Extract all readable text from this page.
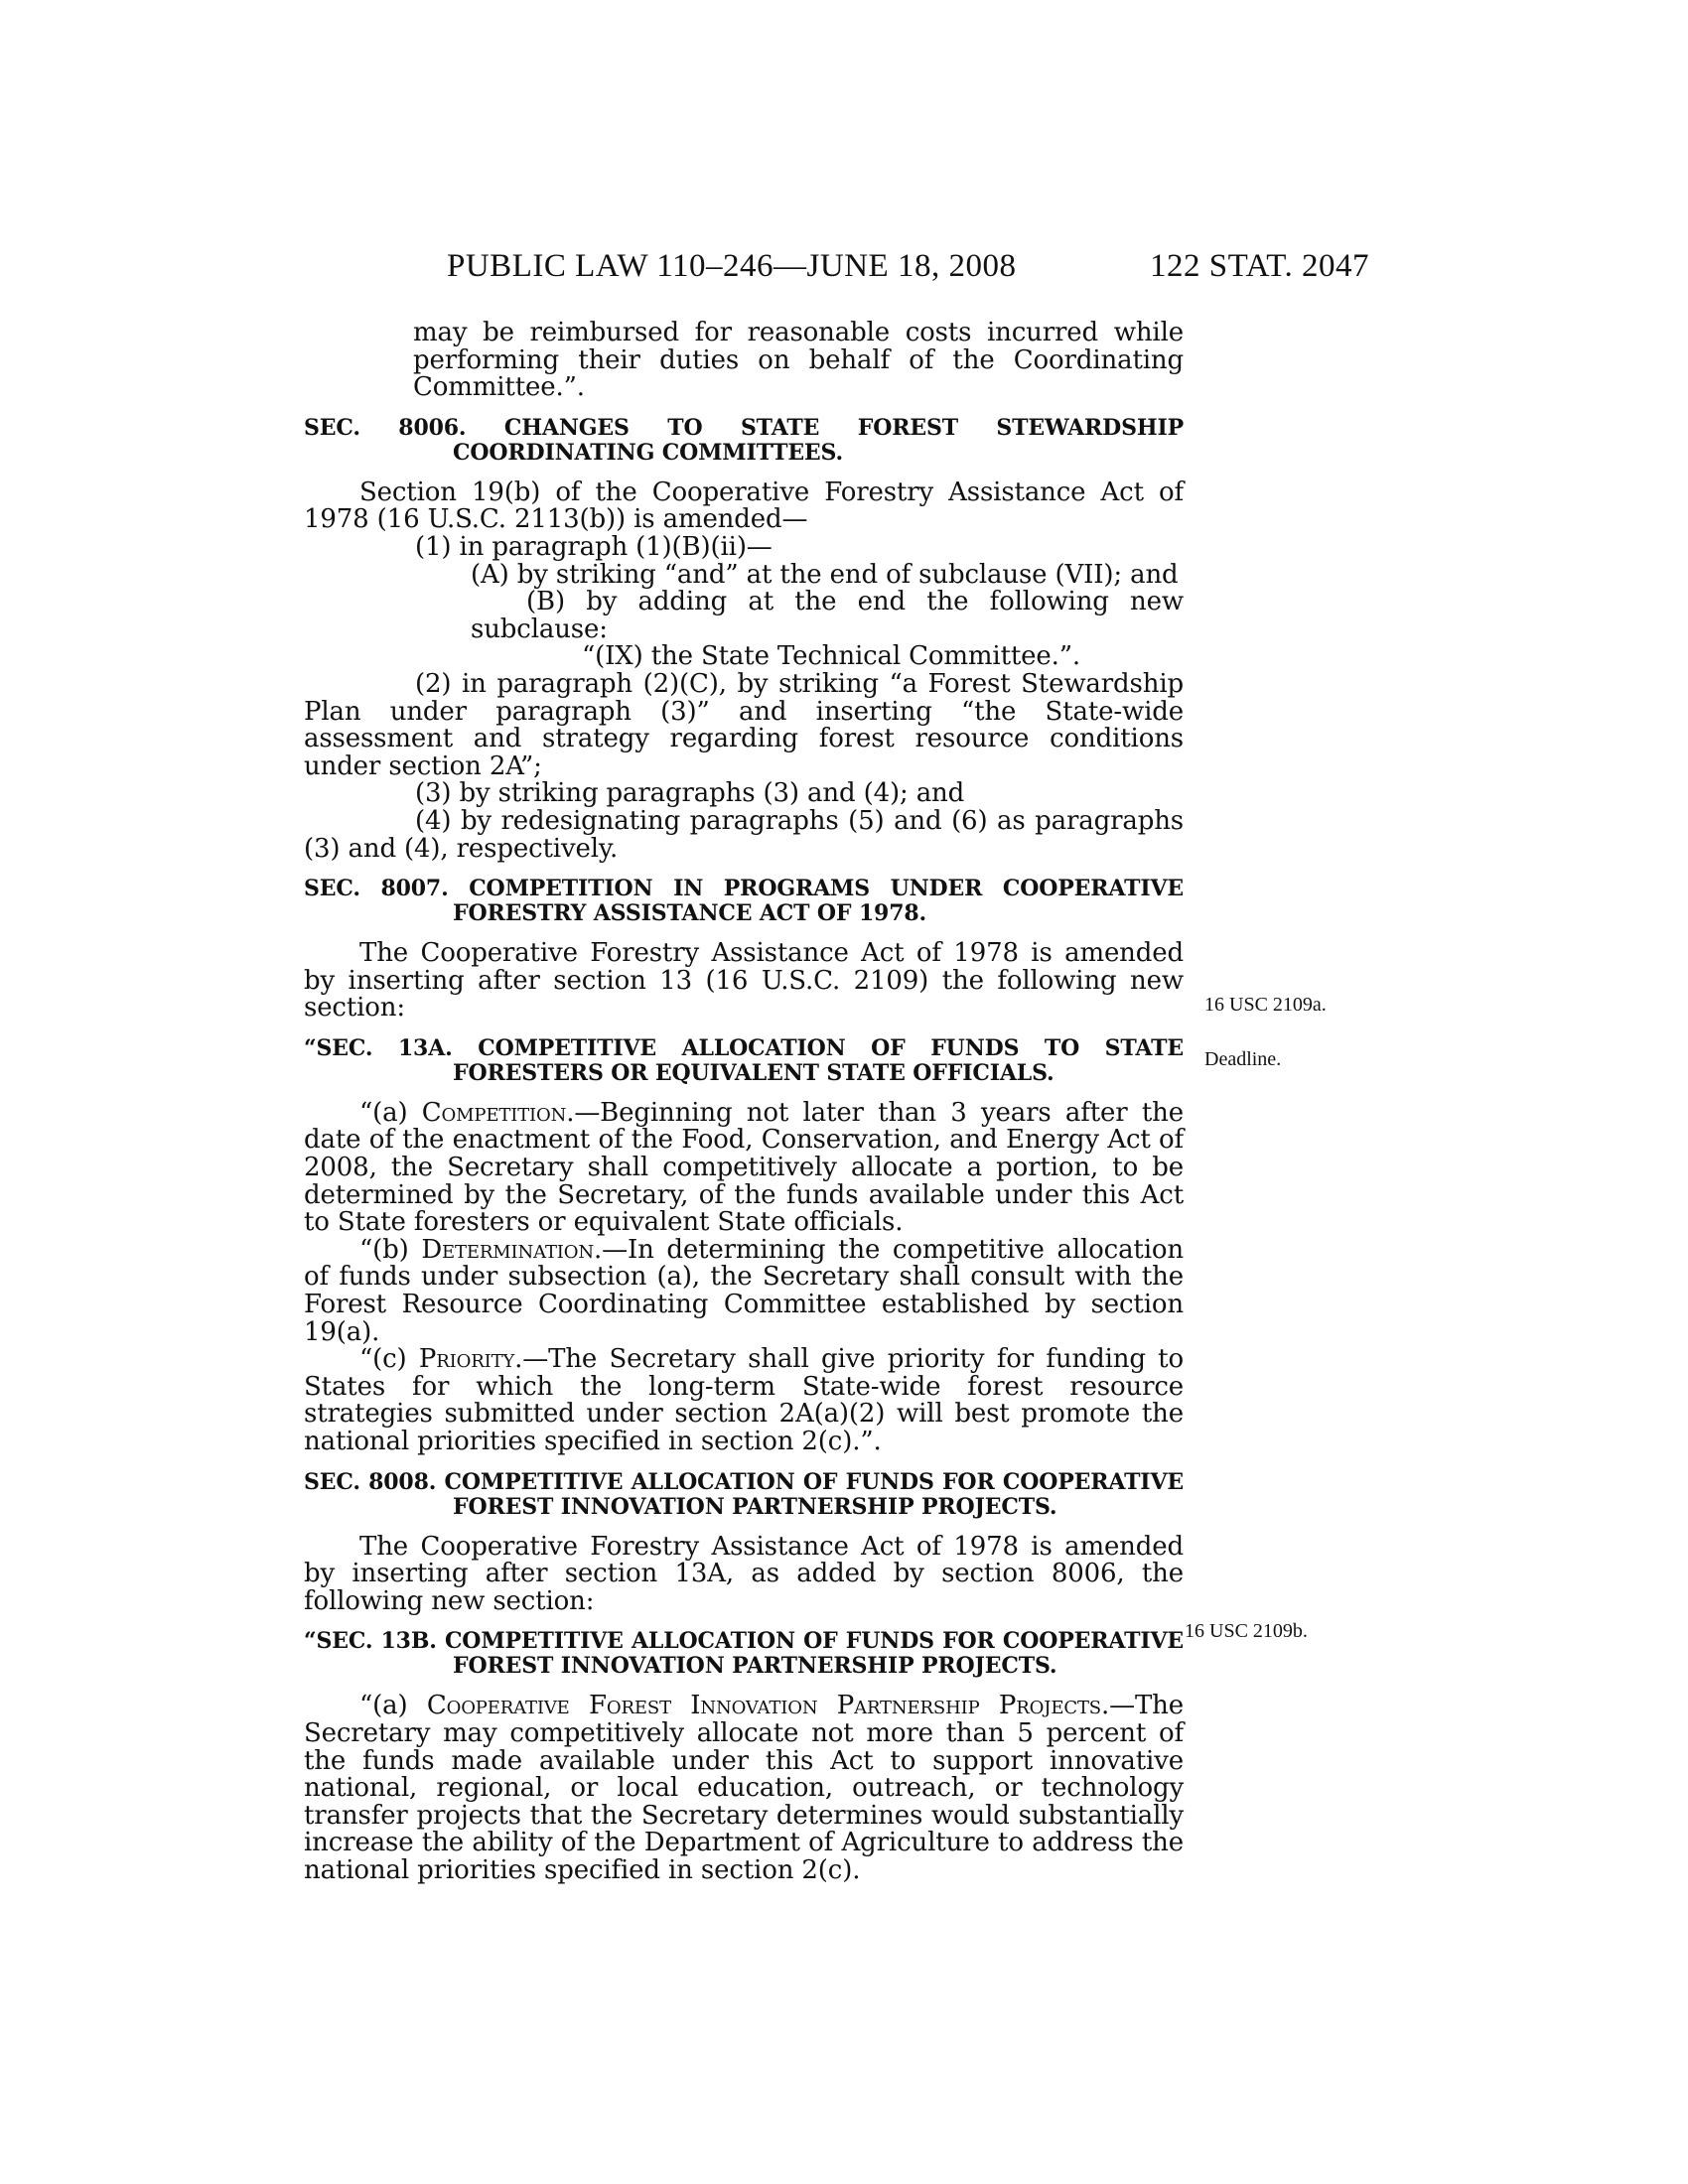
PUBLIC LAW 110–246—JUNE 18, 2008	122 STAT. 2047
16 USC 2109a.
Deadline.
16 USC 2109b.

may be reimbursed for reasonable costs incurred while performing their duties on behalf of the Coordinating Committee.”.

SEC. 8006. CHANGES TO STATE FOREST STEWARDSHIP COORDINATING COMMITTEES.

Section 19(b) of the Cooperative Forestry Assistance Act of 1978 (16 U.S.C. 2113(b)) is amended—

(1) in paragraph (1)(B)(ii)—

(A) by striking “and” at the end of subclause (VII); and

(B) by adding at the end the following new subclause:

“(IX) the State Technical Committee.”.

(2) in paragraph (2)(C), by striking “a Forest Stewardship Plan under paragraph (3)” and inserting “the State-wide assessment and strategy regarding forest resource conditions under section 2A”;

(3) by striking paragraphs (3) and (4); and

(4) by redesignating paragraphs (5) and (6) as paragraphs (3) and (4), respectively.

SEC. 8007. COMPETITION IN PROGRAMS UNDER COOPERATIVE FORESTRY ASSISTANCE ACT OF 1978.

The Cooperative Forestry Assistance Act of 1978 is amended by inserting after section 13 (16 U.S.C. 2109) the following new section:

“SEC. 13A. COMPETITIVE ALLOCATION OF FUNDS TO STATE FORESTERS OR EQUIVALENT STATE OFFICIALS.

“(a) Competition.—Beginning not later than 3 years after the date of the enactment of the Food, Conservation, and Energy Act of 2008, the Secretary shall competitively allocate a portion, to be determined by the Secretary, of the funds available under this Act to State foresters or equivalent State officials.

“(b) Determination.—In determining the competitive allocation of funds under subsection (a), the Secretary shall consult with the Forest Resource Coordinating Committee established by section 19(a).

“(c) Priority.—The Secretary shall give priority for funding to States for which the long-term State-wide forest resource strategies submitted under section 2A(a)(2) will best promote the national priorities specified in section 2(c).”.

SEC. 8008. COMPETITIVE ALLOCATION OF FUNDS FOR COOPERATIVE FOREST INNOVATION PARTNERSHIP PROJECTS.

The Cooperative Forestry Assistance Act of 1978 is amended by inserting after section 13A, as added by section 8006, the following new section:

“SEC. 13B. COMPETITIVE ALLOCATION OF FUNDS FOR COOPERATIVE FOREST INNOVATION PARTNERSHIP PROJECTS.

“(a) Cooperative Forest Innovation Partnership Projects.—The Secretary may competitively allocate not more than 5 percent of the funds made available under this Act to support innovative national, regional, or local education, outreach, or technology transfer projects that the Secretary determines would substantially increase the ability of the Department of Agriculture to address the national priorities specified in section 2(c).
